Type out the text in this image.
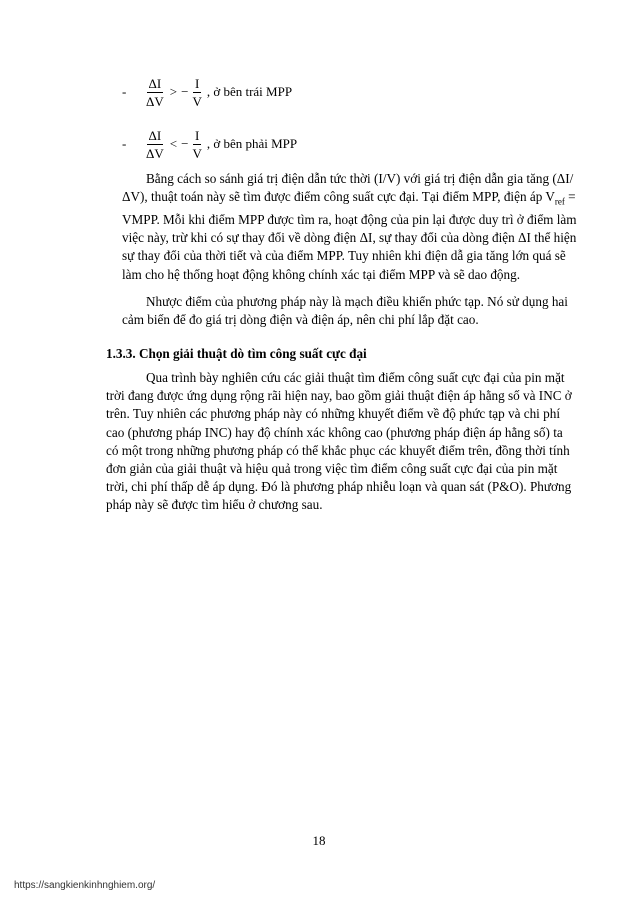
-	$\frac{\Delta I}{\Delta V}$ > − $\frac{I}{V}$ , ở bên trái MPP
-	$\frac{\Delta I}{\Delta V}$ < − $\frac{I}{V}$ , ở bên phải MPP

Bằng cách so sánh giá trị điện dẫn tức thời (I/V) với giá trị điện dẫn gia tăng (ΔI/ ΔV), thuật toán này sẽ tìm được điểm công suất cực đại. Tại điểm MPP, điện áp $V_{ref}$ = VMPP. Mỗi khi điểm MPP được tìm ra, hoạt động của pin lại được duy trì ở điểm làm việc này, trừ khi có sự thay đổi về dòng điện ΔI, sự thay đổi của dòng điện ΔI thể hiện sự thay đổi của thời tiết và của điểm MPP. Tuy nhiên khi điện dẫ gia tăng lớn quá sẽ làm cho hệ thống hoạt động không chính xác tại điểm MPP và sẽ dao động.

Nhược điểm của phương pháp này là mạch điều khiển phức tạp. Nó sử dụng hai cảm biến để đo giá trị dòng điện và điện áp, nên chi phí lắp đặt cao.

1.3.3. Chọn giải thuật dò tìm công suất cực đại

Qua trình bày nghiên cứu các giải thuật tìm điểm công suất cực đại của pin mặt trời đang được ứng dụng rộng rãi hiện nay, bao gồm giải thuật điện áp hằng số và INC ở trên. Tuy nhiên các phương pháp này có những khuyết điểm về độ phức tạp và chi phí cao (phương pháp INC) hay độ chính xác không cao (phương pháp điện áp hằng số) ta có một trong những phương pháp có thể khắc phục các khuyết điểm trên, đồng thời tính đơn giản của giải thuật và hiệu quả trong việc tìm điểm công suất cực đại của pin mặt trời, chi phí thấp dễ áp dụng. Đó là phương pháp nhiễu loạn và quan sát (P&O). Phương pháp này sẽ được tìm hiểu ở chương sau.

18
https://sangkienkinhnghiem.org/
